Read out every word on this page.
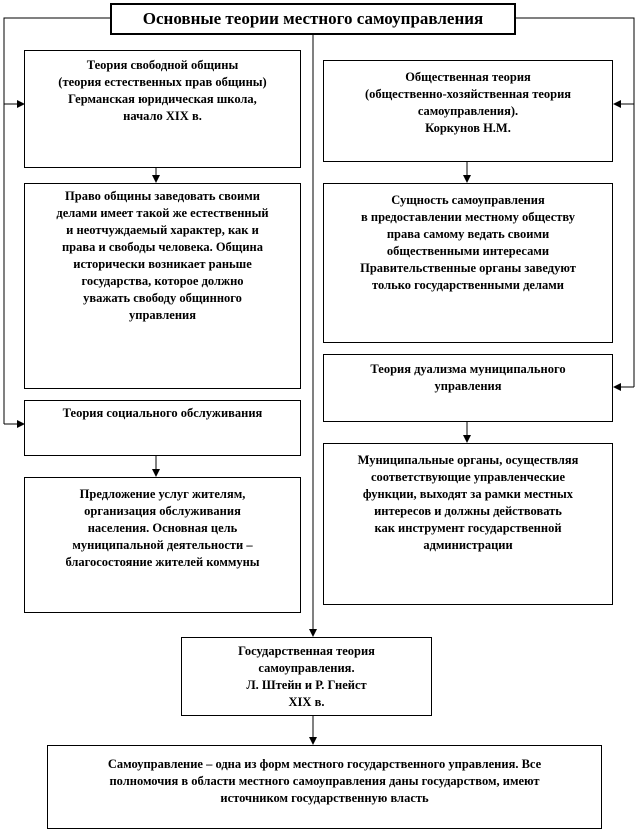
Основные теории местного самоуправления
Теория свободной общины
(теория естественных прав общины)
Германская юридическая школа,
начало XIX в.
Право общины заведовать своими
делами имеет такой же естественный
и неотчуждаемый характер, как и
права и свободы человека. Община
исторически возникает раньше
государства, которое должно
уважать свободу общинного
управления
Теория социального обслуживания
Предложение услуг жителям,
организация обслуживания
населения. Основная цель
муниципальной деятельности –
благосостояние жителей коммуны
Общественная теория
(общественно-хозяйственная теория
самоуправления).
Коркунов Н.М.
Сущность самоуправления
в предоставлении местному обществу
права самому ведать своими
общественными интересами
Правительственные органы заведуют
только государственными делами
Теория дуализма муниципального
управления
Муниципальные органы, осуществляя
соответствующие управленческие
функции, выходят за рамки местных
интересов и должны действовать
как инструмент государственной
администрации
Государственная теория
самоуправления.
Л. Штейн и Р. Гнейст
XIX в.
Самоуправление – одна из форм местного государственного управления. Все
полномочия в области местного самоуправления даны государством, имеют
источником государственную власть
